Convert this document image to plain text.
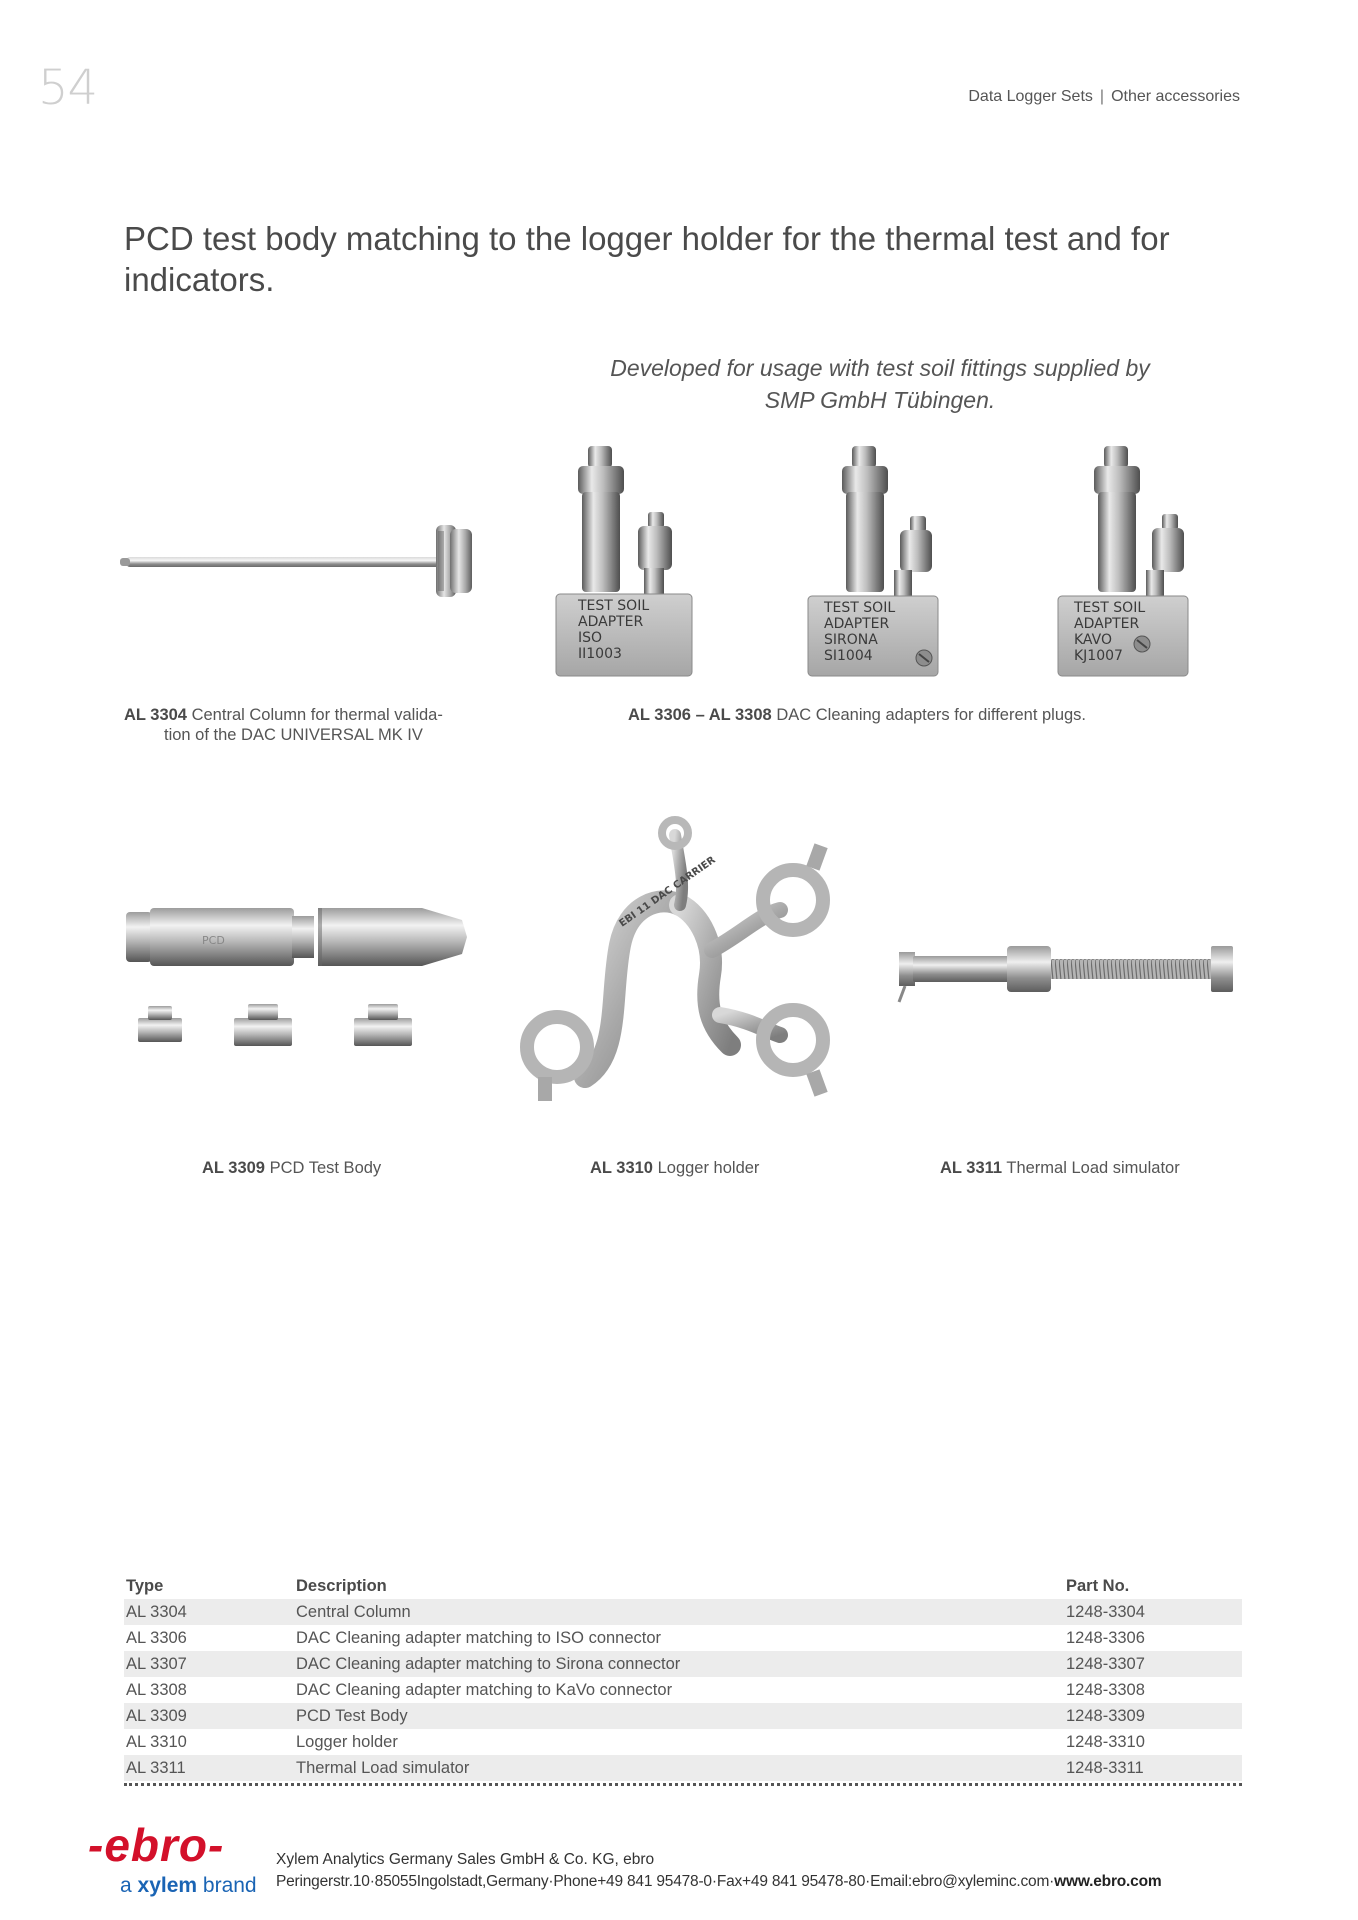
54	Data Logger Sets | Other accessories
PCD test body matching to the logger holder for the thermal test and for indicators.
Developed for usage with test soil fittings supplied by
SMP GmbH Tübingen.
TEST SOIL
ADAPTER
ISO
II1003
TEST SOIL
ADAPTER
SIRONA
SI1004
TEST SOIL
ADAPTER
KAVO
KJ1007
AL 3304 Central Column for thermal valida-
tion of the DAC UNIVERSAL MK IV
AL 3306 – AL 3308 DAC Cleaning adapters for different plugs.
PCD
EBI 11 DAC CARRIER
AL 3309 PCD Test Body	AL 3310 Logger holder	AL 3311 Thermal Load simulator
Type	Description	Part No.
AL 3304	Central Column	1248-3304
AL 3306	DAC Cleaning adapter matching to ISO connector	1248-3306
AL 3307	DAC Cleaning adapter matching to Sirona connector	1248-3307
AL 3308	DAC Cleaning adapter matching to KaVo connector	1248-3308
AL 3309	PCD Test Body	1248-3309
AL 3310	Logger holder	1248-3310
AL 3311	Thermal Load simulator	1248-3311
-ebro-
a xylem brand
Xylem Analytics Germany Sales GmbH & Co. KG, ebro
Peringerstr.10·85055Ingolstadt,Germany·Phone+49 841 95478-0·Fax+49 841 95478-80·Email:ebro@xyleminc.com·www.ebro.com
